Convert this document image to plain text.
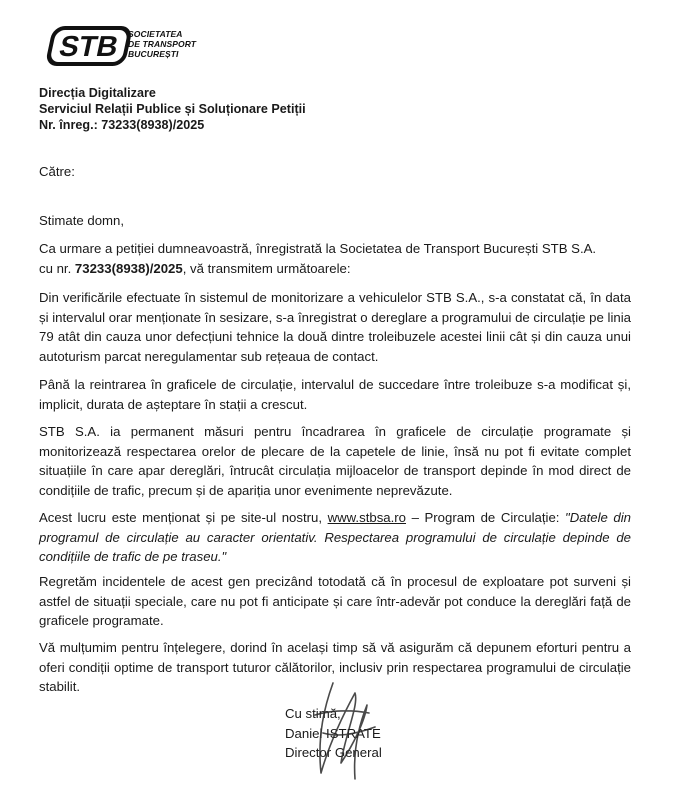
STB SOCIETATEA
DE TRANSPORT
BUCUREȘTI
Direcția Digitalizare
Serviciul Relații Publice și Soluționare Petiții
Nr. înreg.: 73233(8938)/2025

Către:

Stimate domn,

Ca urmare a petiției dumneavoastră, înregistrată la Societatea de Transport București STB S.A.
cu nr. 73233(8938)/2025, vă transmitem următoarele:

Din verificările efectuate în sistemul de monitorizare a vehiculelor STB S.A., s-a constatat că, în data și intervalul orar menționate în sesizare, s-a înregistrat o dereglare a programului de circulație pe linia 79 atât din cauza unor defecțiuni tehnice la două dintre troleibuzele acestei linii cât și din cauza unui autoturism parcat neregulamentar sub rețeaua de contact.

Până la reintrarea în graficele de circulație, intervalul de succedare între troleibuze s-a modificat și, implicit, durata de așteptare în stații a crescut.

STB S.A. ia permanent măsuri pentru încadrarea în graficele de circulație programate și monitorizează respectarea orelor de plecare de la capetele de linie, însă nu pot fi evitate complet situațiile în care apar dereglări, întrucât circulația mijloacelor de transport depinde în mod direct de condițiile de trafic, precum și de apariția unor evenimente neprevăzute.

Acest lucru este menționat și pe site-ul nostru, www.stbsa.ro – Program de Circulație: "Datele din programul de circulație au caracter orientativ. Respectarea programului de circulație depinde de condițiile de trafic de pe traseu."

Regretăm incidentele de acest gen precizând totodată că în procesul de exploatare pot surveni și astfel de situații speciale, care nu pot fi anticipate și care într-adevăr pot conduce la dereglări față de graficele programate.

Vă mulțumim pentru înțelegere, dorind în același timp să vă asigurăm că depunem eforturi pentru a oferi condiții optime de transport tuturor călătorilor, inclusiv prin respectarea programului de circulație stabilit.

Cu stimă,
Daniel ISTRATE
Director General
